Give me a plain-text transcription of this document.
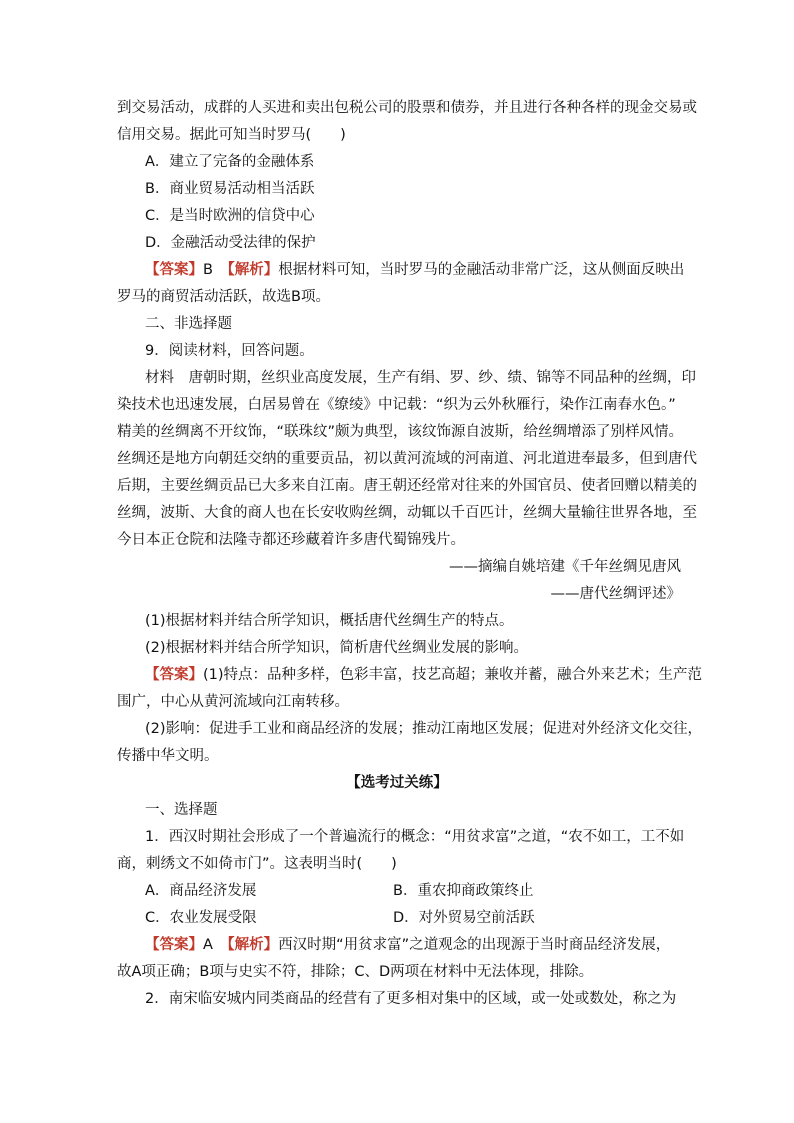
到交易活动，成群的人买进和卖出包税公司的股票和债券，并且进行各种各样的现金交易或
信用交易。据此可知当时罗马(　　)
A．建立了完备的金融体系
B．商业贸易活动相当活跃
C．是当时欧洲的信贷中心
D．金融活动受法律的保护
【答案】B　【解析】根据材料可知，当时罗马的金融活动非常广泛，这从侧面反映出
罗马的商贸活动活跃，故选B项。
二、非选择题
9．阅读材料，回答问题。
材料　唐朝时期，丝织业高度发展，生产有绢、罗、纱、绩、锦等不同品种的丝绸，印
染技术也迅速发展，白居易曾在《缭绫》中记载：“织为云外秋雁行，染作江南春水色。”
精美的丝绸离不开纹饰，“联珠纹”颇为典型，该纹饰源自波斯，给丝绸增添了别样风情。
丝绸还是地方向朝廷交纳的重要贡品，初以黄河流域的河南道、河北道进奉最多，但到唐代
后期，主要丝绸贡品已大多来自江南。唐王朝还经常对往来的外国官员、使者回赠以精美的
丝绸，波斯、大食的商人也在长安收购丝绸，动辄以千百匹计，丝绸大量输往世界各地，至
今日本正仓院和法隆寺都还珍藏着许多唐代蜀锦残片。
——摘编自姚培建《千年丝绸见唐风
——唐代丝绸评述》
(1)根据材料并结合所学知识，概括唐代丝绸生产的特点。
(2)根据材料并结合所学知识，简析唐代丝绸业发展的影响。
【答案】(1)特点：品种多样，色彩丰富，技艺高超；兼收并蓄，融合外来艺术；生产范
围广，中心从黄河流域向江南转移。
(2)影响：促进手工业和商品经济的发展；推动江南地区发展；促进对外经济文化交往，
传播中华文明。
【选考过关练】
一、选择题
1．西汉时期社会形成了一个普遍流行的概念：“用贫求富”之道，“农不如工，工不如
商，刺绣文不如倚市门”。这表明当时(　　)
A．商品经济发展	B．重农抑商政策终止
C．农业发展受限	D．对外贸易空前活跃
【答案】A　【解析】西汉时期“用贫求富”之道观念的出现源于当时商品经济发展，
故A项正确；B项与史实不符，排除；C、D两项在材料中无法体现，排除。
2．南宋临安城内同类商品的经营有了更多相对集中的区域，或一处或数处，称之为
